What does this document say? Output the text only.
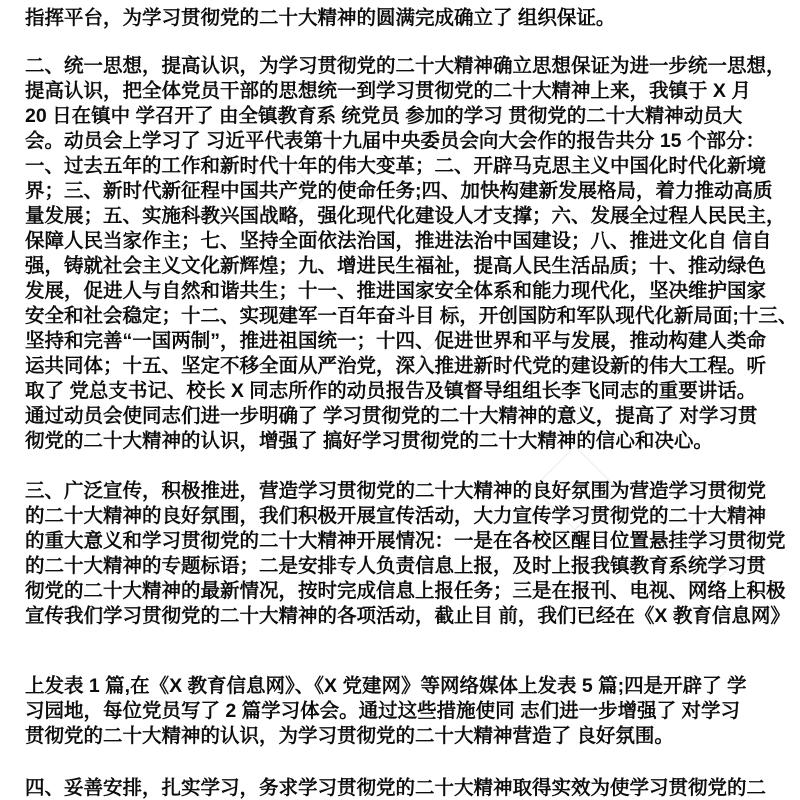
指挥平台，为学习贯彻党的二十大精神的圆满完成确立了 组织保证。
二、统一思想，提高认识，为学习贯彻党的二十大精神确立思想保证为进一步统一思想，
提高认识，把全体党员干部的思想统一到学习贯彻党的二十大精神上来，我镇于 X 月
20 日在镇中 学召开了 由全镇教育系 统党员 参加的学习 贯彻党的二十大精神动员大
会。动员会上学习了 习近平代表第十九届中央委员会向大会作的报告共分 15 个部分：
一、过去五年的工作和新时代十年的伟大变革；二、开辟马克思主义中国化时代化新境
界；三、新时代新征程中国共产党的使命任务;四、加快构建新发展格局，着力推动高质
量发展；五、实施科教兴国战略，强化现代化建设人才支撑；六、发展全过程人民民主，
保障人民当家作主；七、坚持全面依法治国，推进法治中国建设；八、推进文化自 信自
强，铸就社会主义文化新辉煌；九、增进民生福祉，提高人民生活品质；十、推动绿色
发展，促进人与自然和谐共生；十一、推进国家安全体系和能力现代化，坚决维护国家
安全和社会稳定；十二、实现建军一百年奋斗目 标，开创国防和军队现代化新局面;十三、
坚持和完善“一国两制”，推进祖国统一；十四、促进世界和平与发展，推动构建人类命
运共同体；十五、坚定不移全面从严治党，深入推进新时代党的建设新的伟大工程。听
取了 党总支书记、校长 X 同志所作的动员报告及镇督导组组长李飞同志的重要讲话。
通过动员会使同志们进一步明确了 学习贯彻党的二十大精神的意义，提高了 对学习贯
彻党的二十大精神的认识，增强了 搞好学习贯彻党的二十大精神的信心和决心。
三、广泛宣传，积极推进，营造学习贯彻党的二十大精神的良好氛围为营造学习贯彻党
的二十大精神的良好氛围，我们积极开展宣传活动，大力宣传学习贯彻党的二十大精神
的重大意义和学习贯彻党的二十大精神开展情况：一是在各校区醒目位置悬挂学习贯彻党
的二十大精神的专题标语；二是安排专人负责信息上报，及时上报我镇教育系统学习贯
彻党的二十大精神的最新情况，按时完成信息上报任务；三是在报刊、电视、网络上积极
宣传我们学习贯彻党的二十大精神的各项活动，截止目 前，我们已经在《X 教育信息网》
上发表 1 篇,在《X 教育信息网》、《X 党建网》等网络媒体上发表 5 篇;四是开辟了 学
习园地，每位党员写了 2 篇学习体会。通过这些措施使同 志们进一步增强了 对学习
贯彻党的二十大精神的认识，为学习贯彻党的二十大精神营造了 良好氛围。
四、妥善安排，扎实学习，务求学习贯彻党的二十大精神取得实效为使学习贯彻党的二
